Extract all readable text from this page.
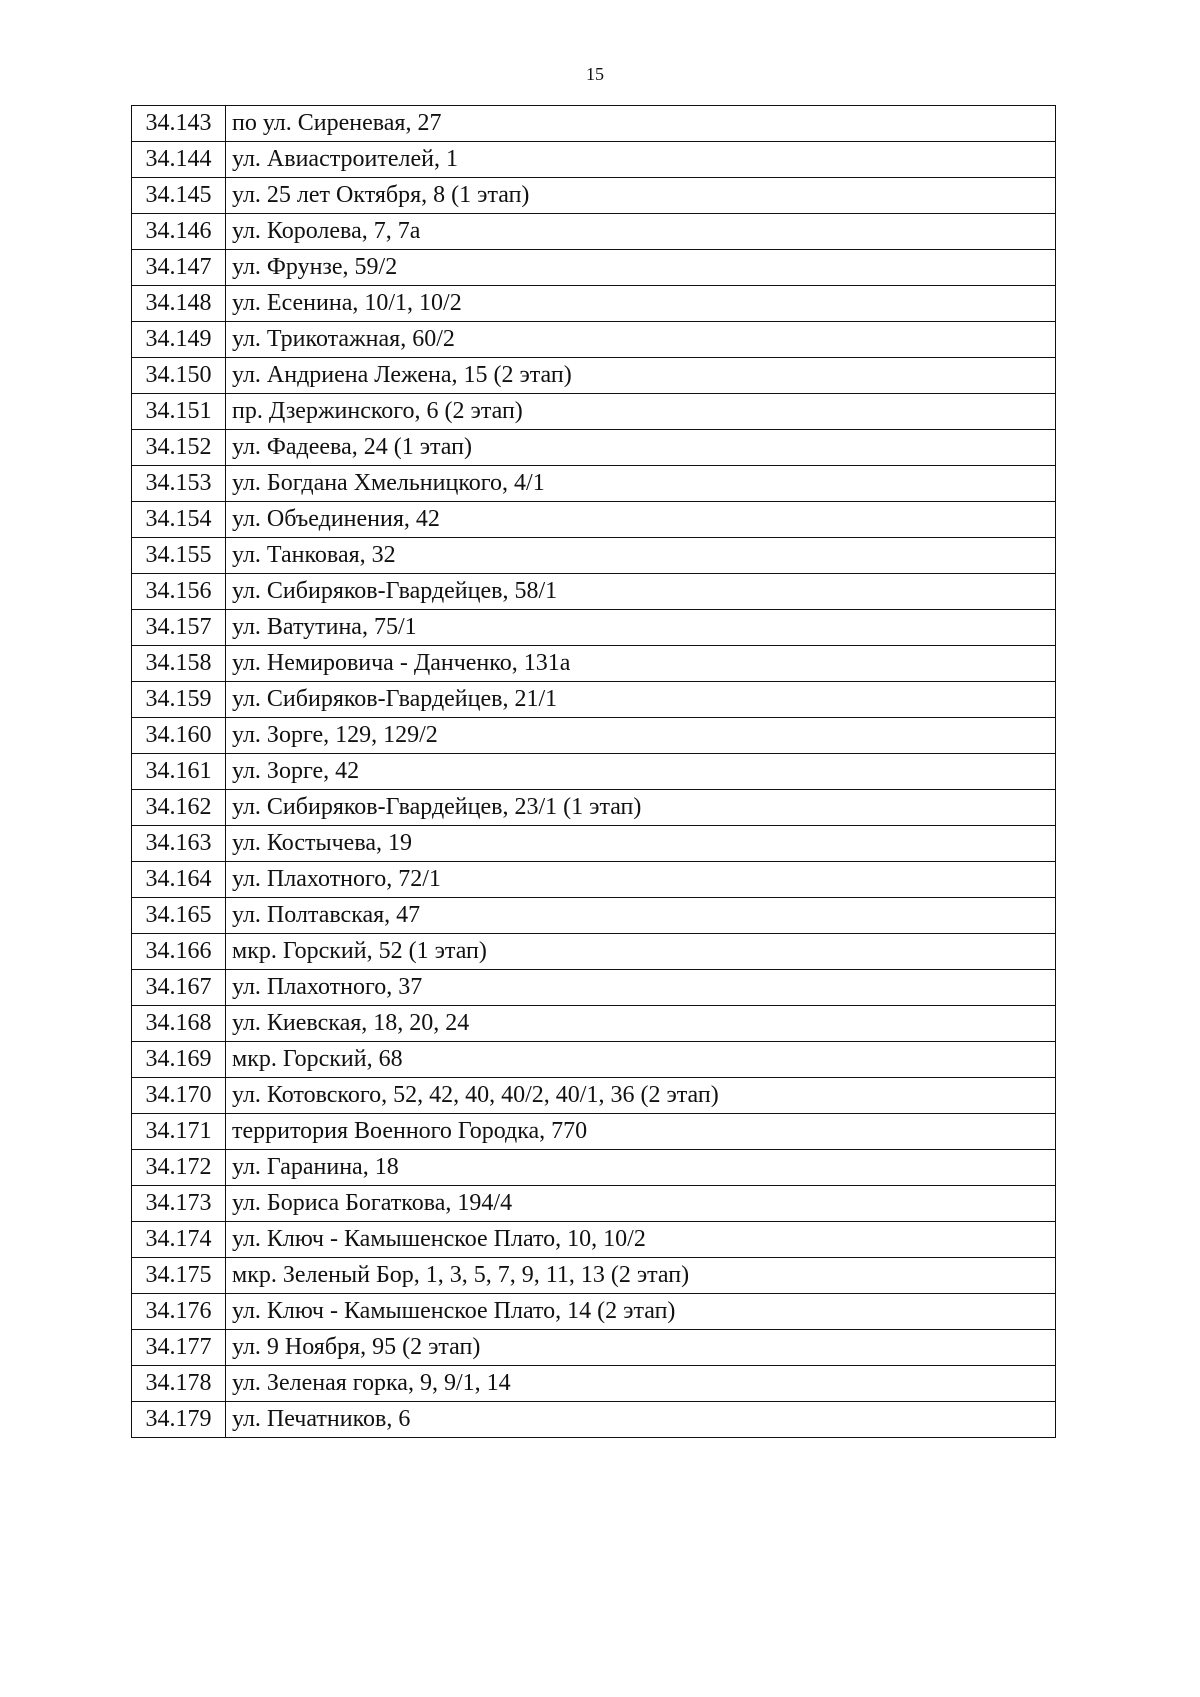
15
34.143	по ул. Сиреневая, 27
34.144	ул. Авиастроителей, 1
34.145	ул. 25 лет Октября, 8 (1 этап)
34.146	ул. Королева, 7, 7а
34.147	ул. Фрунзе, 59/2
34.148	ул. Есенина, 10/1, 10/2
34.149	ул. Трикотажная, 60/2
34.150	ул. Андриена Лежена, 15 (2 этап)
34.151	пр. Дзержинского, 6 (2 этап)
34.152	ул. Фадеева, 24 (1 этап)
34.153	ул. Богдана Хмельницкого, 4/1
34.154	ул. Объединения, 42
34.155	ул. Танковая, 32
34.156	ул. Сибиряков-Гвардейцев, 58/1
34.157	ул. Ватутина, 75/1
34.158	ул. Немировича - Данченко, 131а
34.159	ул. Сибиряков-Гвардейцев, 21/1
34.160	ул. Зорге, 129, 129/2
34.161	ул. Зорге, 42
34.162	ул. Сибиряков-Гвардейцев, 23/1 (1 этап)
34.163	ул. Костычева, 19
34.164	ул. Плахотного, 72/1
34.165	ул. Полтавская, 47
34.166	мкр. Горский, 52 (1 этап)
34.167	ул. Плахотного, 37
34.168	ул. Киевская, 18, 20, 24
34.169	мкр. Горский, 68
34.170	ул. Котовского, 52, 42, 40, 40/2, 40/1, 36 (2 этап)
34.171	территория Военного Городка, 770
34.172	ул. Гаранина, 18
34.173	ул. Бориса Богаткова, 194/4
34.174	ул. Ключ - Камышенское Плато, 10, 10/2
34.175	мкр. Зеленый Бор, 1, 3, 5, 7, 9, 11, 13 (2 этап)
34.176	ул. Ключ - Камышенское Плато, 14 (2 этап)
34.177	ул. 9 Ноября, 95 (2 этап)
34.178	ул. Зеленая горка, 9, 9/1, 14
34.179	ул. Печатников, 6
